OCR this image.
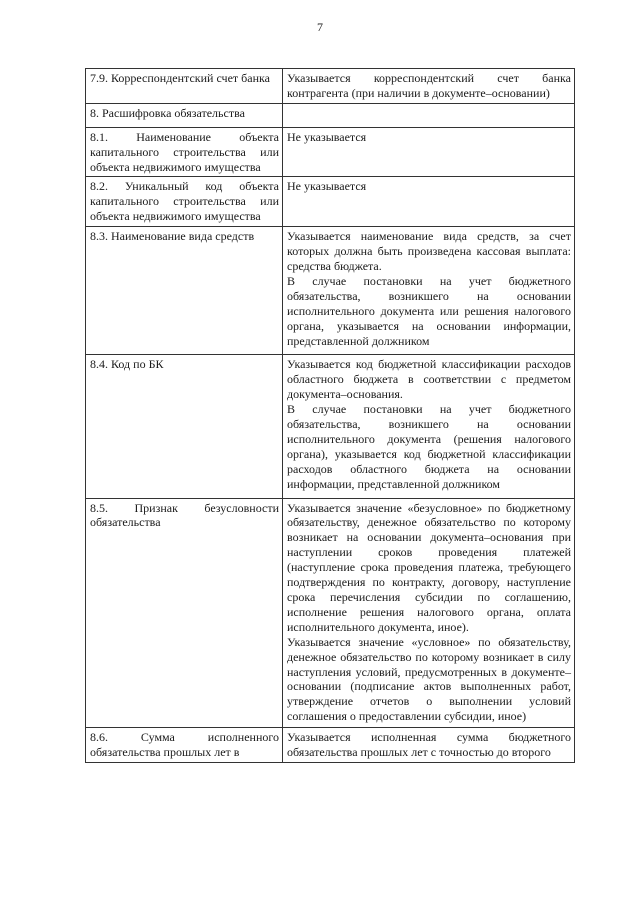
7
7.9. Корреспондентский счет банка	Указывается корреспондентский счет банка контрагента (при наличии в документе–основании)

8. Расшифровка обязательства	
8.1. Наименование объекта капитального строительства или объекта недвижимого имущества	Не указывается

8.2. Уникальный код объекта капитального строительства или объекта недвижимого имущества	Не указывается

8.3. Наименование вида средств	Указывается наименование вида средств, за счет которых должна быть произведена кассовая выплата: средства бюджета.

В случае постановки на учет бюджетного обязательства, возникшего на основании исполнительного документа или решения налогового органа, указывается на основании информации, представленной должником

8.4. Код по БК	Указывается код бюджетной классификации расходов областного бюджета в соответствии с предметом документа–основания.

В случае постановки на учет бюджетного обязательства, возникшего на основании исполнительного документа (решения налогового органа), указывается код бюджетной классификации расходов областного бюджета на основании информации, представленной должником

8.5. Признак безусловности обязательства	Указывается значение «безусловное» по бюджетному обязательству, денежное обязательство по которому возникает на основании документа–основания при наступлении сроков проведения платежей (наступление срока проведения платежа, требующего подтверждения по контракту, договору, наступление срока перечисления субсидии по соглашению, исполнение решения налогового органа, оплата исполнительного документа, иное).

Указывается значение «условное» по обязательству, денежное обязательство по которому возникает в силу наступления условий, предусмотренных в документе–основании (подписание актов выполненных работ, утверждение отчетов о выполнении условий соглашения о предоставлении субсидии, иное)

8.6. Сумма исполненного обязательства прошлых лет в	Указывается исполненная сумма бюджетного обязательства прошлых лет с точностью до второго
